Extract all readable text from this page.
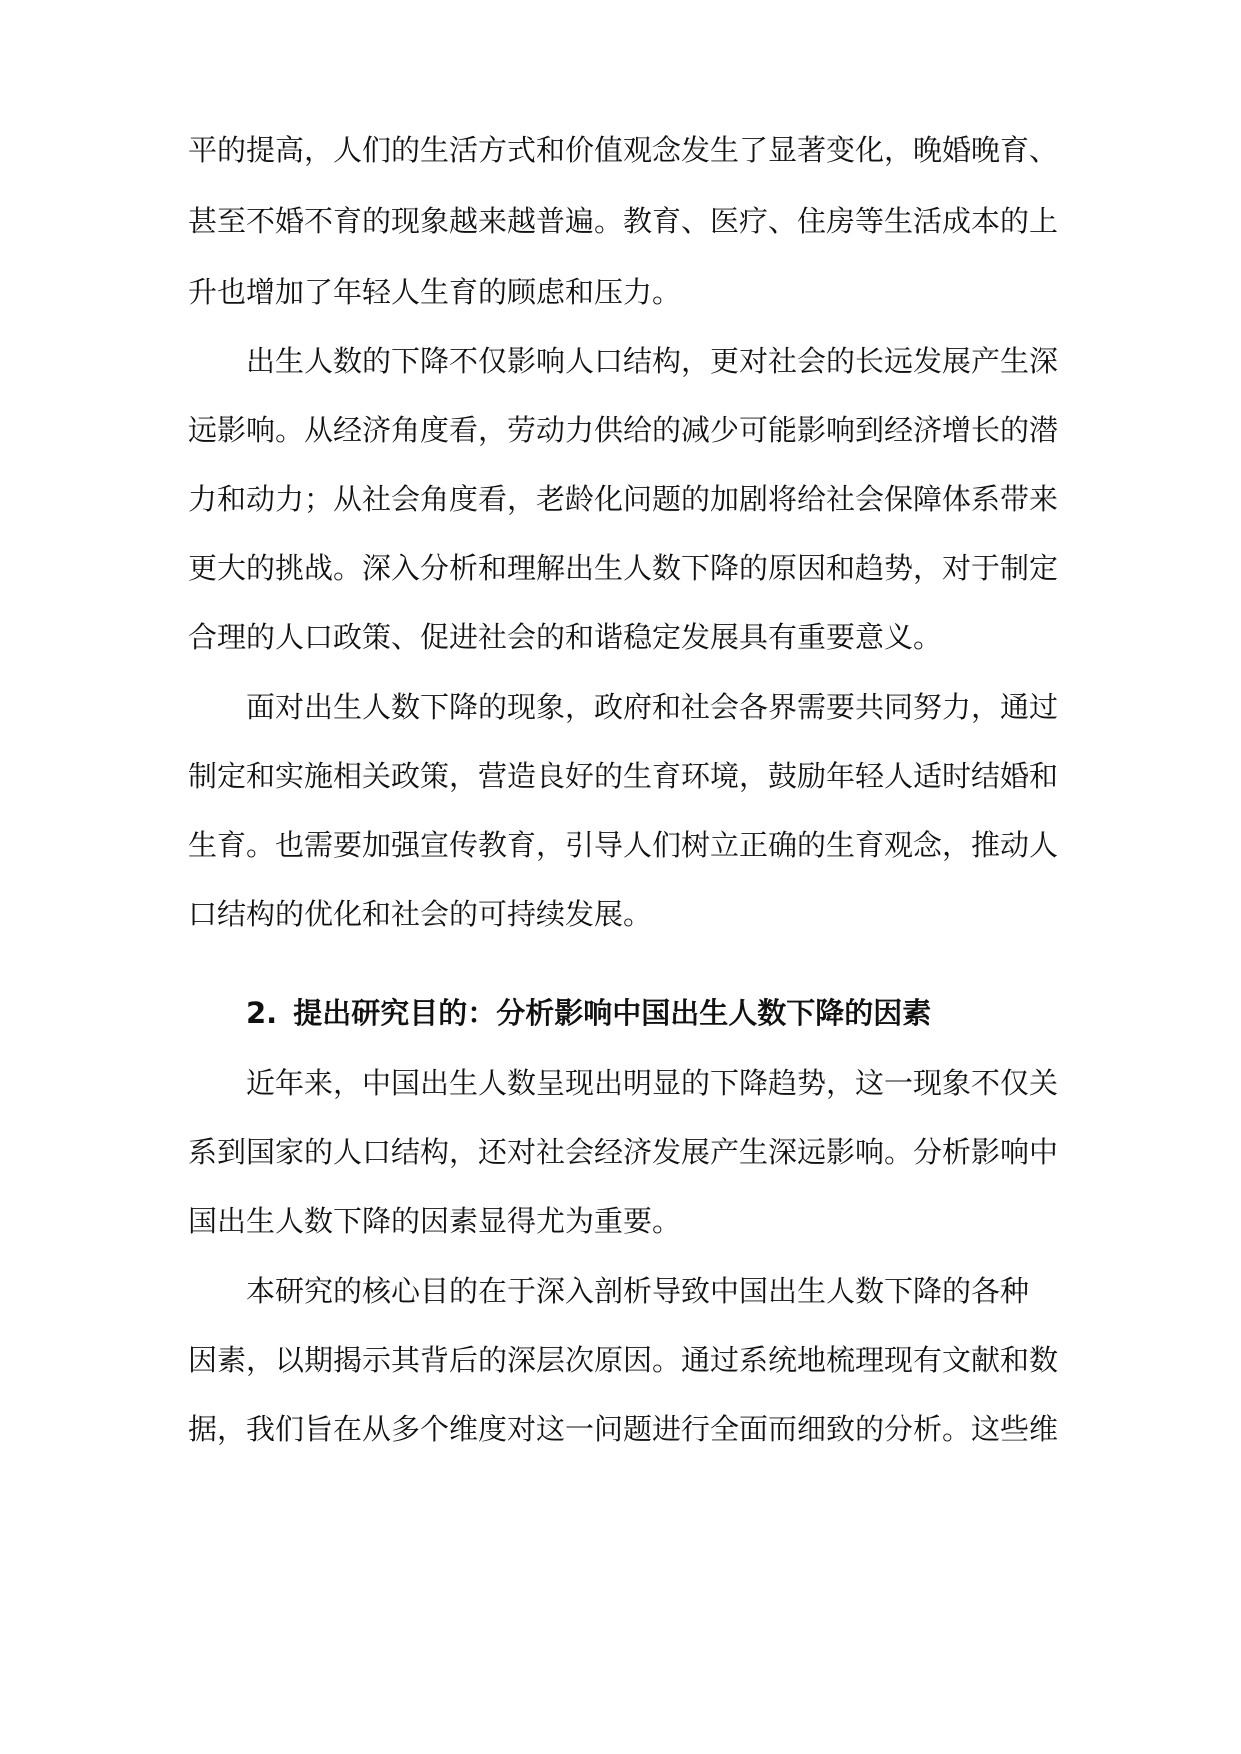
平的提高，人们的生活方式和价值观念发生了显著变化，晚婚晚育、

甚至不婚不育的现象越来越普遍。教育、医疗、住房等生活成本的上

升也增加了年轻人生育的顾虑和压力。

出生人数的下降不仅影响人口结构，更对社会的长远发展产生深

远影响。从经济角度看，劳动力供给的减少可能影响到经济增长的潜

力和动力；从社会角度看，老龄化问题的加剧将给社会保障体系带来

更大的挑战。深入分析和理解出生人数下降的原因和趋势，对于制定

合理的人口政策、促进社会的和谐稳定发展具有重要意义。

面对出生人数下降的现象，政府和社会各界需要共同努力，通过

制定和实施相关政策，营造良好的生育环境，鼓励年轻人适时结婚和

生育。也需要加强宣传教育，引导人们树立正确的生育观念，推动人

口结构的优化和社会的可持续发展。

2. 提出研究目的：分析影响中国出生人数下降的因素

近年来，中国出生人数呈现出明显的下降趋势，这一现象不仅关

系到国家的人口结构，还对社会经济发展产生深远影响。分析影响中

国出生人数下降的因素显得尤为重要。

本研究的核心目的在于深入剖析导致中国出生人数下降的各种

因素，以期揭示其背后的深层次原因。通过系统地梳理现有文献和数

据，我们旨在从多个维度对这一问题进行全面而细致的分析。这些维
